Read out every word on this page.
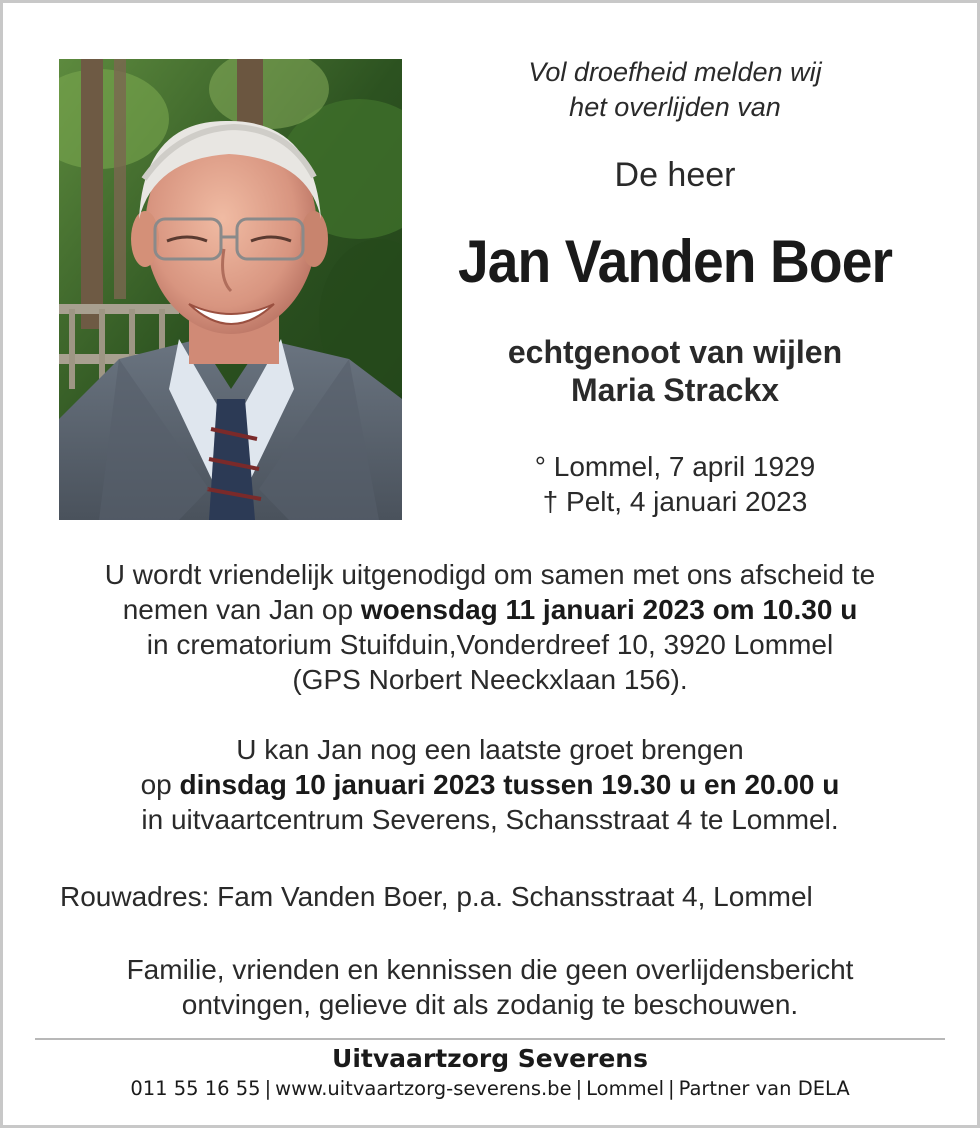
Vol droefheid melden wij
het overlijden van
De heer
Jan Vanden Boer
echtgenoot van wijlen
Maria Strackx
° Lommel, 7 april 1929
† Pelt, 4 januari 2023
U wordt vriendelijk uitgenodigd om samen met ons afscheid te
nemen van Jan op woensdag 11 januari 2023 om 10.30 u
in crematorium Stuifduin,Vonderdreef 10, 3920 Lommel
(GPS Norbert Neeckxlaan 156).
U kan Jan nog een laatste groet brengen
op dinsdag 10 januari 2023 tussen 19.30 u en 20.00 u
in uitvaartcentrum Severens, Schansstraat 4 te Lommel.
Rouwadres: Fam Vanden Boer, p.a. Schansstraat 4, Lommel
Familie, vrienden en kennissen die geen overlijdensbericht
ontvingen, gelieve dit als zodanig te beschouwen.
Uitvaartzorg Severens
011 55 16 55 | www.uitvaartzorg-severens.be | Lommel | Partner van DELA
